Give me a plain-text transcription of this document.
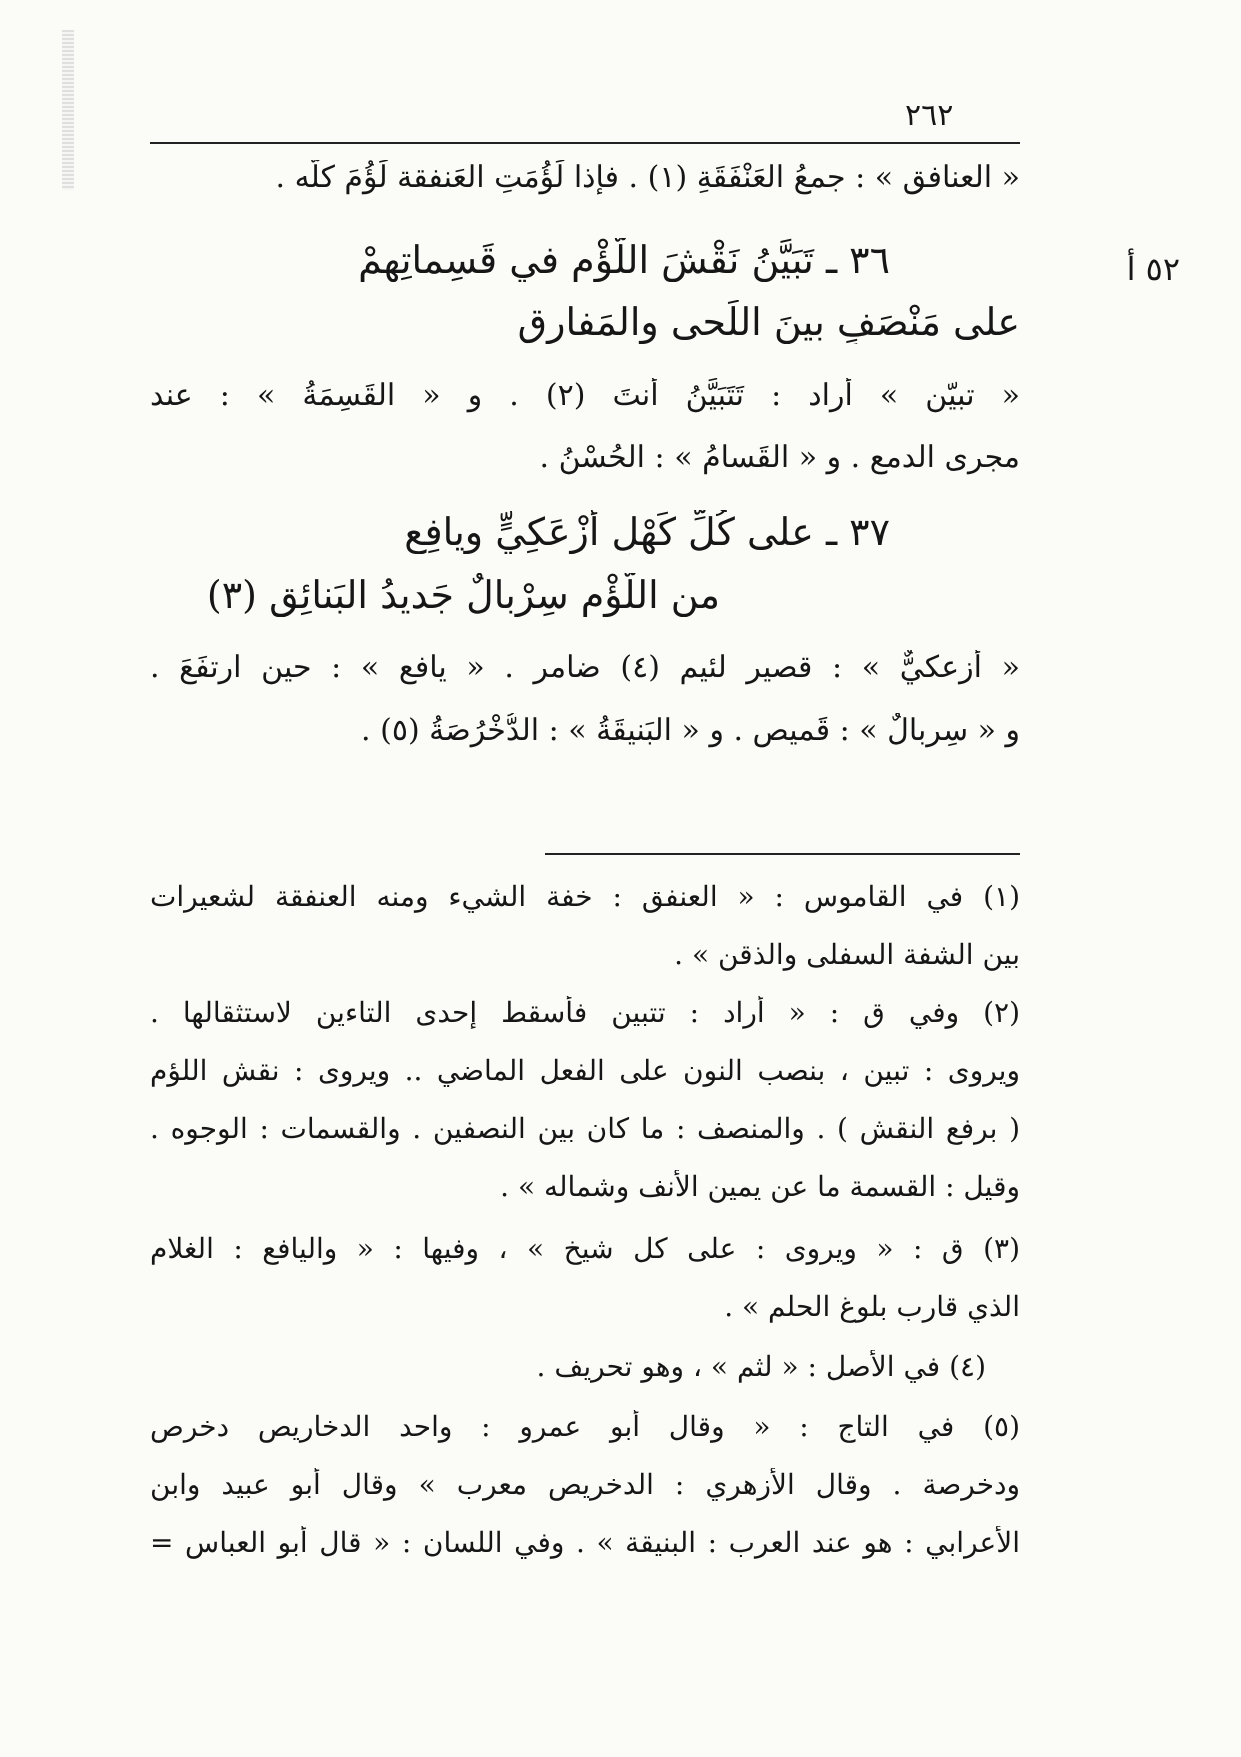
٢٦٢
٥٢ أ
« العنافق » : جمعُ العَنْفَقَةِ (١) . فإذا لَؤُمَتِ العَنفقة لَؤُمَ كلُّه .
٣٦ ـ تَبَيَّنُ نَقْشَ اللُّؤْمِ في قَسِماتِهِمْ
على مَنْصَفٍ بينَ اللِّحى والمَفارِقِ
« تبيّن » أراد : تَتَبَيَّنُ أنتَ (٢) . و « القَسِمَةُ » : عند
مجرى الدمع . و « القَسامُ » : الحُسْنُ .
٣٧ ـ على كُلِّ كَهْلٍ أَزْعَكِيٍّ ويافِعٍ
من اللُّؤْمِ سِرْبالٌ جَديدُ البَنائِقِ (٣)
« أزعكيٌّ » : قصير لئيم (٤) ضامر . « يافع » : حين ارتفَعَ .
و « سِربالٌ » : قَميص . و « البَنيقَةُ » : الدُّخْرُصَةُ (٥) .
(١) في القاموس : « العنفق : خفة الشيء ومنه العنفقة لشعيرات
بين الشفة السفلى والذقن » .
(٢) وفي ق : « أراد : تتبين فأسقط إحدى التاءين لاستثقالها .
ويروى : تبين ، بنصب النون على الفعل الماضي .. ويروى : نقش اللؤم
( برفع النقش ) . والمنصف : ما كان بين النصفين . والقسمات : الوجوه .
وقيل : القسمة ما عن يمين الأنف وشماله » .
(٣) ق : « ويروى : على كل شيخ » ، وفيها : « واليافع : الغلام
الذي قارب بلوغ الحلم » .
(٤) في الأصل : « لثم » ، وهو تحريف .
(٥) في التاج : « وقال أبو عمرو : واحد الدخاريص دخرص
ودخرصة . وقال الأزهري : الدخريص معرب » وقال أبو عبيد وابن
الأعرابي : هو عند العرب : البنيقة » . وفي اللسان : « قال أبو العباس =
